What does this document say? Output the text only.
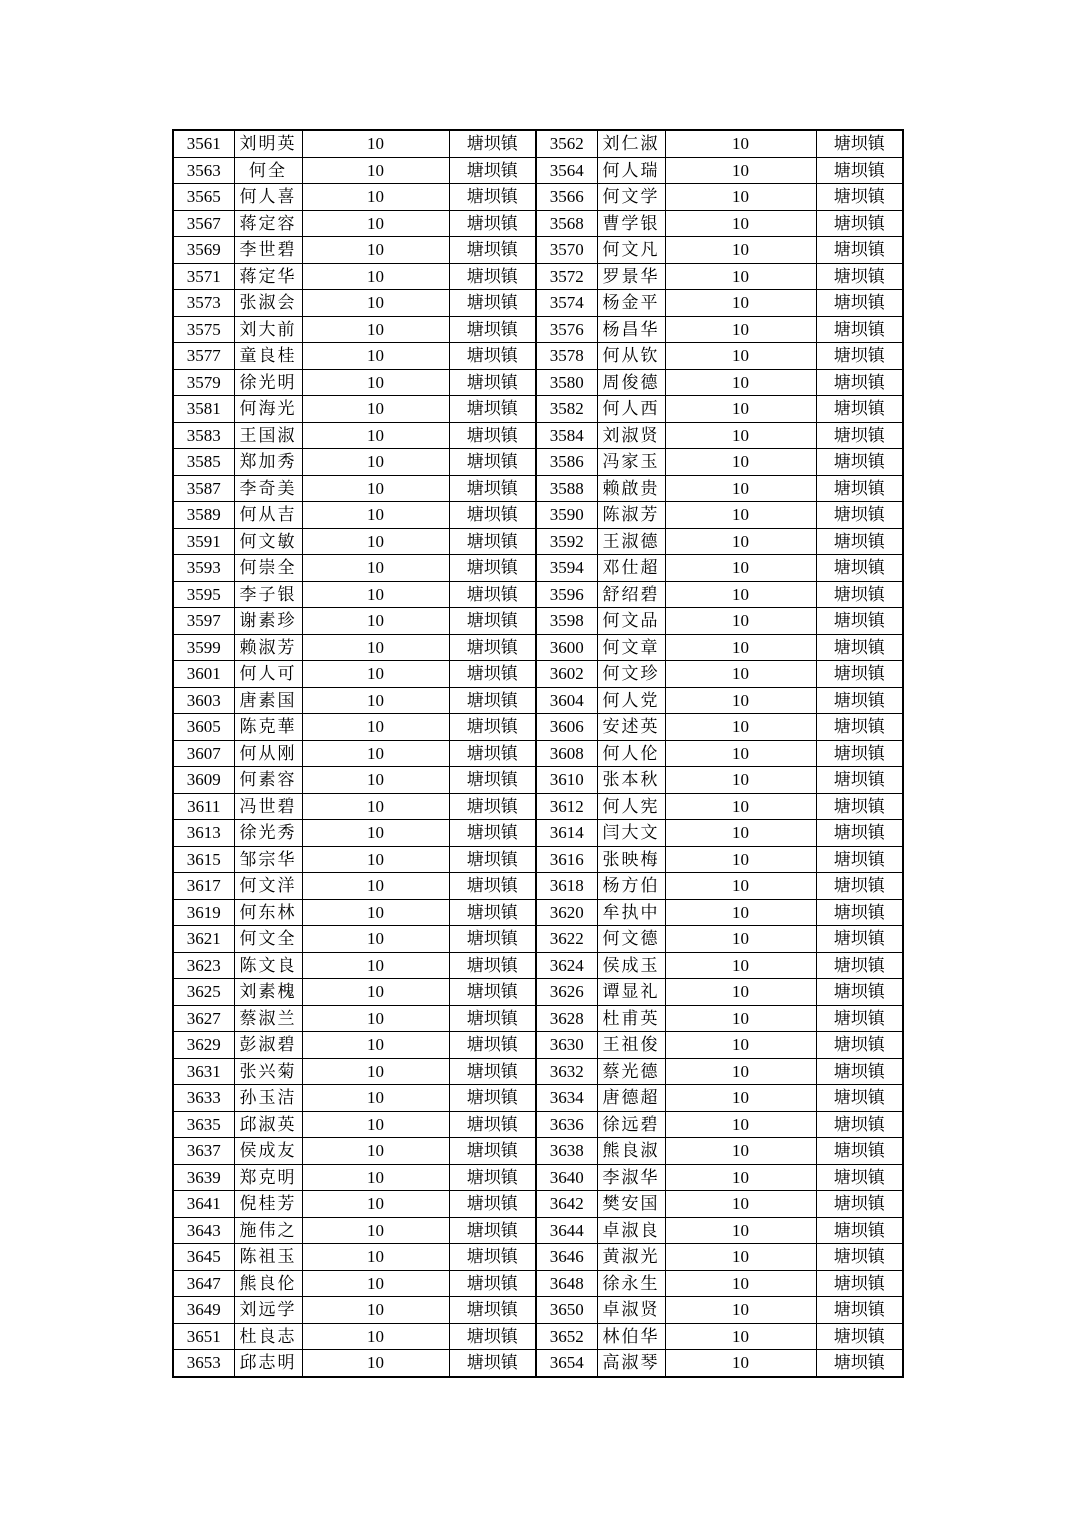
3561	刘明英	10	塘坝镇	3562	刘仁淑	10	塘坝镇
3563	何全	10	塘坝镇	3564	何人瑞	10	塘坝镇
3565	何人喜	10	塘坝镇	3566	何文学	10	塘坝镇
3567	蒋定容	10	塘坝镇	3568	曹学银	10	塘坝镇
3569	李世碧	10	塘坝镇	3570	何文凡	10	塘坝镇
3571	蒋定华	10	塘坝镇	3572	罗景华	10	塘坝镇
3573	张淑会	10	塘坝镇	3574	杨金平	10	塘坝镇
3575	刘大前	10	塘坝镇	3576	杨昌华	10	塘坝镇
3577	童良桂	10	塘坝镇	3578	何从钦	10	塘坝镇
3579	徐光明	10	塘坝镇	3580	周俊德	10	塘坝镇
3581	何海光	10	塘坝镇	3582	何人西	10	塘坝镇
3583	王国淑	10	塘坝镇	3584	刘淑贤	10	塘坝镇
3585	郑加秀	10	塘坝镇	3586	冯家玉	10	塘坝镇
3587	李奇美	10	塘坝镇	3588	赖啟贵	10	塘坝镇
3589	何从吉	10	塘坝镇	3590	陈淑芳	10	塘坝镇
3591	何文敏	10	塘坝镇	3592	王淑德	10	塘坝镇
3593	何崇全	10	塘坝镇	3594	邓仕超	10	塘坝镇
3595	李子银	10	塘坝镇	3596	舒绍碧	10	塘坝镇
3597	谢素珍	10	塘坝镇	3598	何文品	10	塘坝镇
3599	赖淑芳	10	塘坝镇	3600	何文章	10	塘坝镇
3601	何人可	10	塘坝镇	3602	何文珍	10	塘坝镇
3603	唐素国	10	塘坝镇	3604	何人党	10	塘坝镇
3605	陈克華	10	塘坝镇	3606	安述英	10	塘坝镇
3607	何从刚	10	塘坝镇	3608	何人伦	10	塘坝镇
3609	何素容	10	塘坝镇	3610	张本秋	10	塘坝镇
3611	冯世碧	10	塘坝镇	3612	何人宪	10	塘坝镇
3613	徐光秀	10	塘坝镇	3614	闫大文	10	塘坝镇
3615	邹宗华	10	塘坝镇	3616	张映梅	10	塘坝镇
3617	何文洋	10	塘坝镇	3618	杨方伯	10	塘坝镇
3619	何东林	10	塘坝镇	3620	牟执中	10	塘坝镇
3621	何文全	10	塘坝镇	3622	何文德	10	塘坝镇
3623	陈文良	10	塘坝镇	3624	侯成玉	10	塘坝镇
3625	刘素槐	10	塘坝镇	3626	谭显礼	10	塘坝镇
3627	蔡淑兰	10	塘坝镇	3628	杜甫英	10	塘坝镇
3629	彭淑碧	10	塘坝镇	3630	王祖俊	10	塘坝镇
3631	张兴菊	10	塘坝镇	3632	蔡光德	10	塘坝镇
3633	孙玉洁	10	塘坝镇	3634	唐德超	10	塘坝镇
3635	邱淑英	10	塘坝镇	3636	徐远碧	10	塘坝镇
3637	侯成友	10	塘坝镇	3638	熊良淑	10	塘坝镇
3639	郑克明	10	塘坝镇	3640	李淑华	10	塘坝镇
3641	倪桂芳	10	塘坝镇	3642	樊安国	10	塘坝镇
3643	施伟之	10	塘坝镇	3644	卓淑良	10	塘坝镇
3645	陈祖玉	10	塘坝镇	3646	黄淑光	10	塘坝镇
3647	熊良伦	10	塘坝镇	3648	徐永生	10	塘坝镇
3649	刘远学	10	塘坝镇	3650	卓淑贤	10	塘坝镇
3651	杜良志	10	塘坝镇	3652	林伯华	10	塘坝镇
3653	邱志明	10	塘坝镇	3654	高淑琴	10	塘坝镇
